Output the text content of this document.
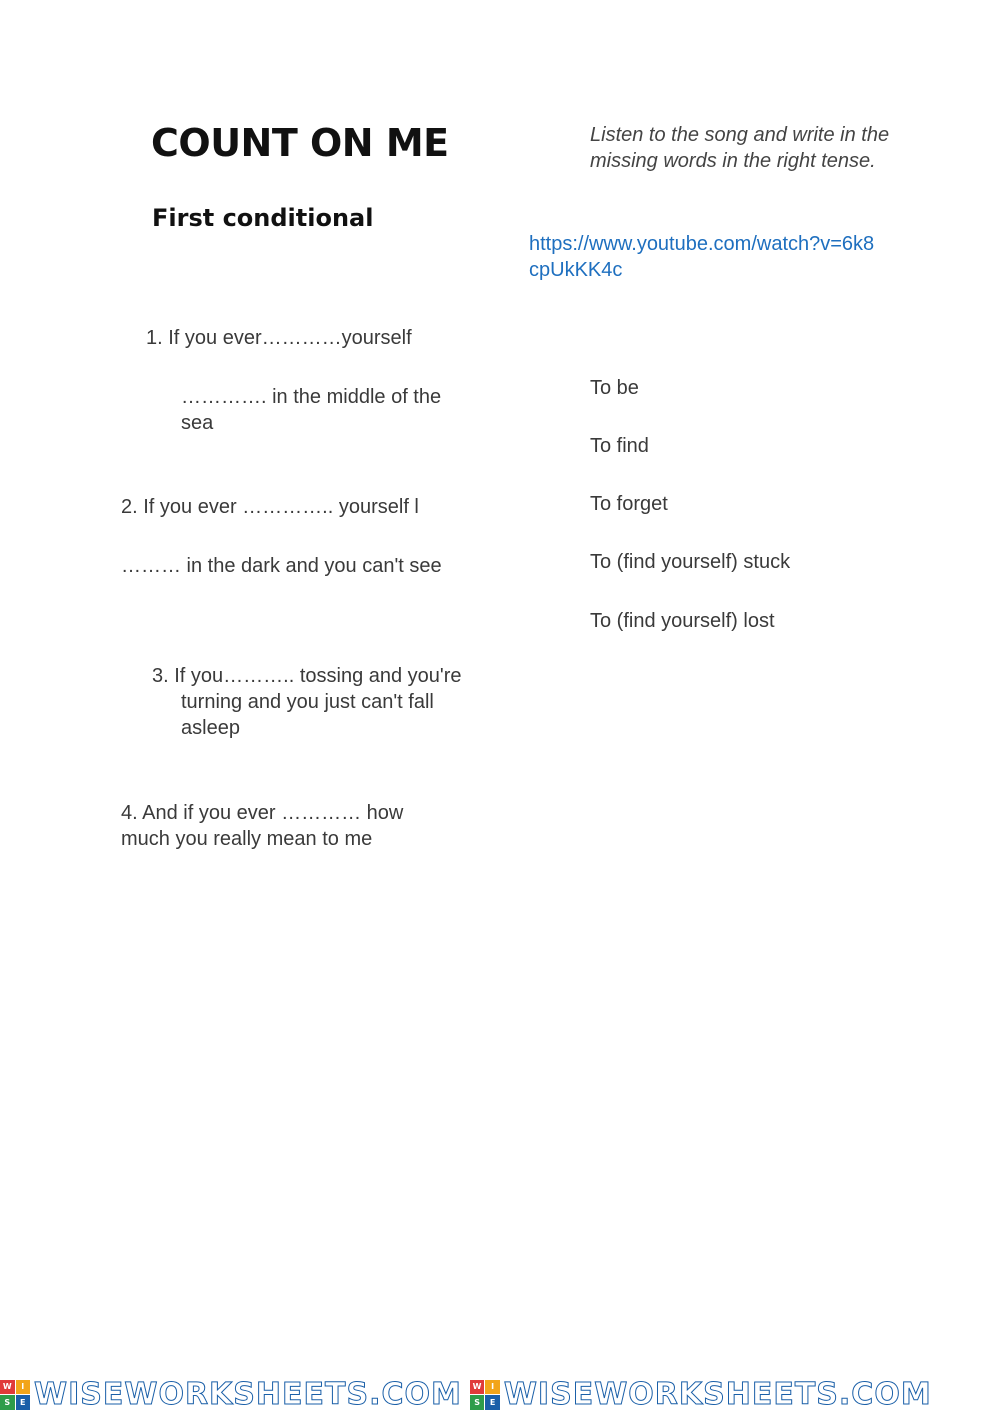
COUNT ON ME
First conditional
Listen to the song and write in the missing words in the right tense.
https://www.youtube.com/watch?v=6k8cpUkKK4c
1. If you ever…………yourself
…………. in the middle of the sea
2. If you ever ………….. yourself l
……… in the dark and you can't see
3. If you……….. tossing and you're turning and you just can't fall asleep
4. And if you ever ………… how much you really mean to me
To be
To find
To forget
To (find yourself) stuck
To (find yourself) lost
W	I
S	E WISEWORKSHEETS.COM	W	I
S	E WISEWORKSHEETS.COM
